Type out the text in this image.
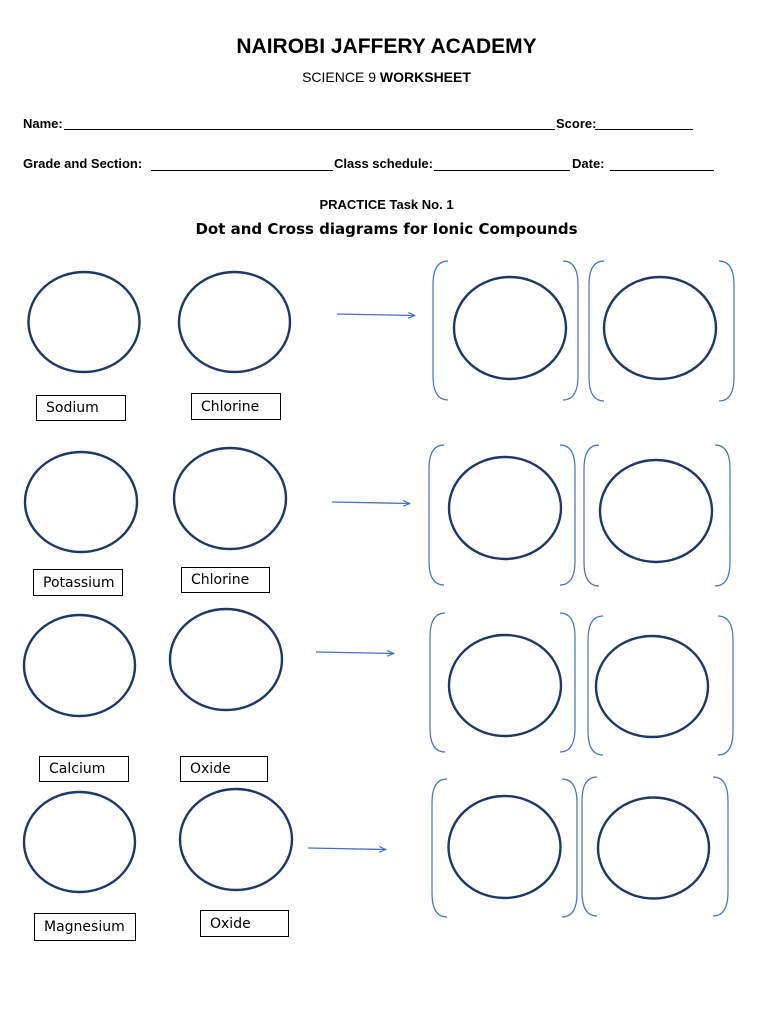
NAIROBI JAFFERY ACADEMY
SCIENCE 9 WORKSHEET
Name:	Score:
Grade and Section:	Class schedule:	Date:
PRACTICE Task No. 1
Dot and Cross diagrams for Ionic Compounds
Sodium	Chlorine
Potassium	Chlorine
Calcium	Oxide
Magnesium	Oxide
